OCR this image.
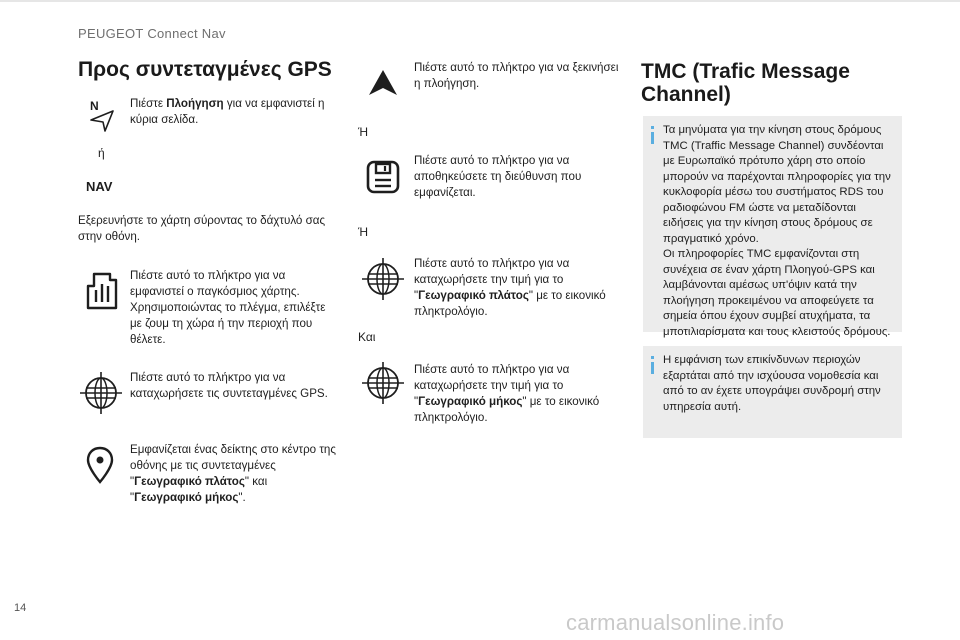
PEUGEOT Connect Nav
Προς συντεταγμένες GPS
N	Πιέστε Πλοήγηση για να εμφανιστεί η κύρια σελίδα.
ή
NAV
Εξερευνήστε το χάρτη σύροντας το δάχτυλό σας στην οθόνη.
Πιέστε αυτό το πλήκτρο για να εμφανιστεί ο παγκόσμιος χάρτης.
Χρησιμοποιώντας το πλέγμα, επιλέξτε με ζουμ τη χώρα ή την περιοχή που θέλετε.
Πιέστε αυτό το πλήκτρο για να καταχωρήσετε τις συντεταγμένες GPS.
Εμφανίζεται ένας δείκτης στο κέντρο της οθόνης με τις συντεταγμένες "Γεωγραφικό πλάτος" και "Γεωγραφικό μήκος".
Πιέστε αυτό το πλήκτρο για να ξεκινήσει η πλοήγηση.
Ή
Πιέστε αυτό το πλήκτρο για να αποθηκεύσετε τη διεύθυνση που εμφανίζεται.
Ή
Πιέστε αυτό το πλήκτρο για να καταχωρήσετε την τιμή για το "Γεωγραφικό πλάτος" με το εικονικό πληκτρολόγιο.
Και
Πιέστε αυτό το πλήκτρο για να καταχωρήσετε την τιμή για το "Γεωγραφικό μήκος" με το εικονικό πληκτρολόγιο.
TMC (Trafic Message Channel)
Τα μηνύματα για την κίνηση στους δρόμους TMC (Traffic Message Channel) συνδέονται με Ευρωπαϊκό πρότυπο χάρη στο οποίο μπορούν να παρέχονται πληροφορίες για την κυκλοφορία μέσω του συστήματος RDS του ραδιοφώνου FM ώστε να μεταδίδονται ειδήσεις για την κίνηση στους δρόμους σε πραγματικό χρόνο.
Οι πληροφορίες TMC εμφανίζονται στη συνέχεια σε έναν χάρτη Πλοηγού-GPS και λαμβάνονται αμέσως υπ'όψιν κατά την πλοήγηση προκειμένου να αποφεύγετε τα σημεία όπου έχουν συμβεί ατυχήματα, τα μποτιλιαρίσματα και τους κλειστούς δρόμους.
Η εμφάνιση των επικίνδυνων περιοχών εξαρτάται από την ισχύουσα νομοθεσία και από το αν έχετε υπογράψει συνδρομή στην υπηρεσία αυτή.
14
carmanualsonline.info
